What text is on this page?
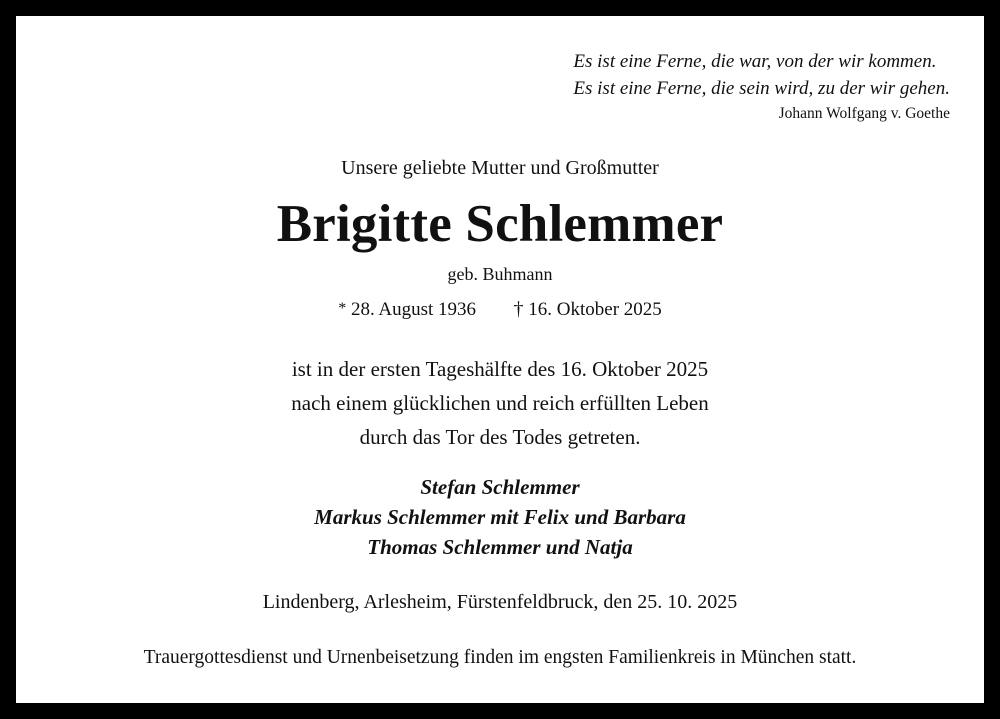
Es ist eine Ferne, die war, von der wir kommen.
Es ist eine Ferne, die sein wird, zu der wir gehen.
Johann Wolfgang v. Goethe
Unsere geliebte Mutter und Großmutter
Brigitte Schlemmer
geb. Buhmann
* 28. August 1936 † 16. Oktober 2025
ist in der ersten Tageshälfte des 16. Oktober 2025
nach einem glücklichen und reich erfüllten Leben
durch das Tor des Todes getreten.
Stefan Schlemmer
Markus Schlemmer mit Felix und Barbara
Thomas Schlemmer und Natja
Lindenberg, Arlesheim, Fürstenfeldbruck, den 25. 10. 2025
Trauergottesdienst und Urnenbeisetzung finden im engsten Familienkreis in München statt.
